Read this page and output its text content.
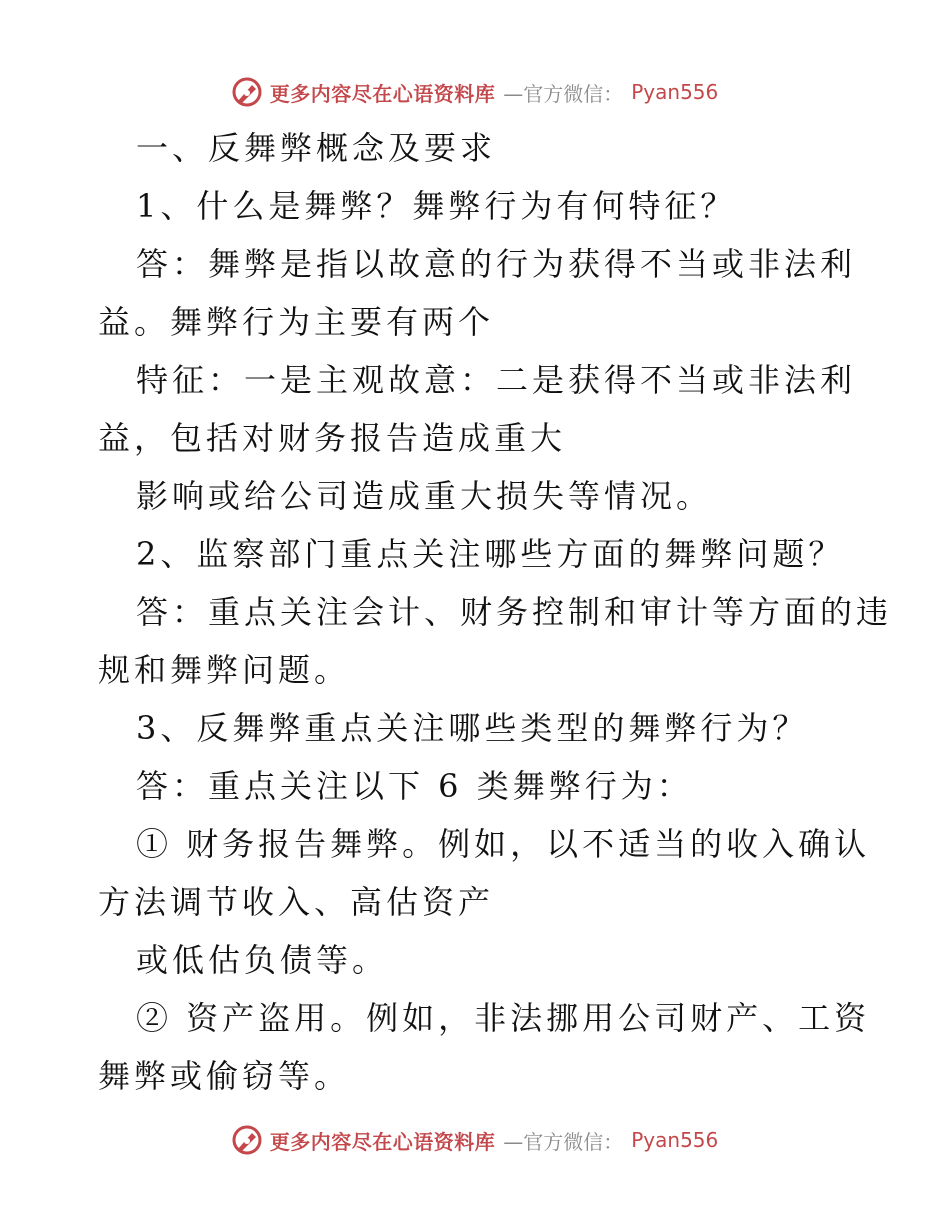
更多内容尽在心语资料库 —官方微信： Pyan556
一、反舞弊概念及要求
1、什么是舞弊？舞弊行为有何特征？
答：舞弊是指以故意的行为获得不当或非法利
益。舞弊行为主要有两个
特征：一是主观故意：二是获得不当或非法利
益，包括对财务报告造成重大
影响或给公司造成重大损失等情况。
2、监察部门重点关注哪些方面的舞弊问题？
答：重点关注会计、财务控制和审计等方面的违
规和舞弊问题。
3、反舞弊重点关注哪些类型的舞弊行为？
答：重点关注以下 6 类舞弊行为：
① 财务报告舞弊。例如，以不适当的收入确认
方法调节收入、高估资产
或低估负债等。
② 资产盗用。例如，非法挪用公司财产、工资
舞弊或偷窃等。
更多内容尽在心语资料库 —官方微信： Pyan556
